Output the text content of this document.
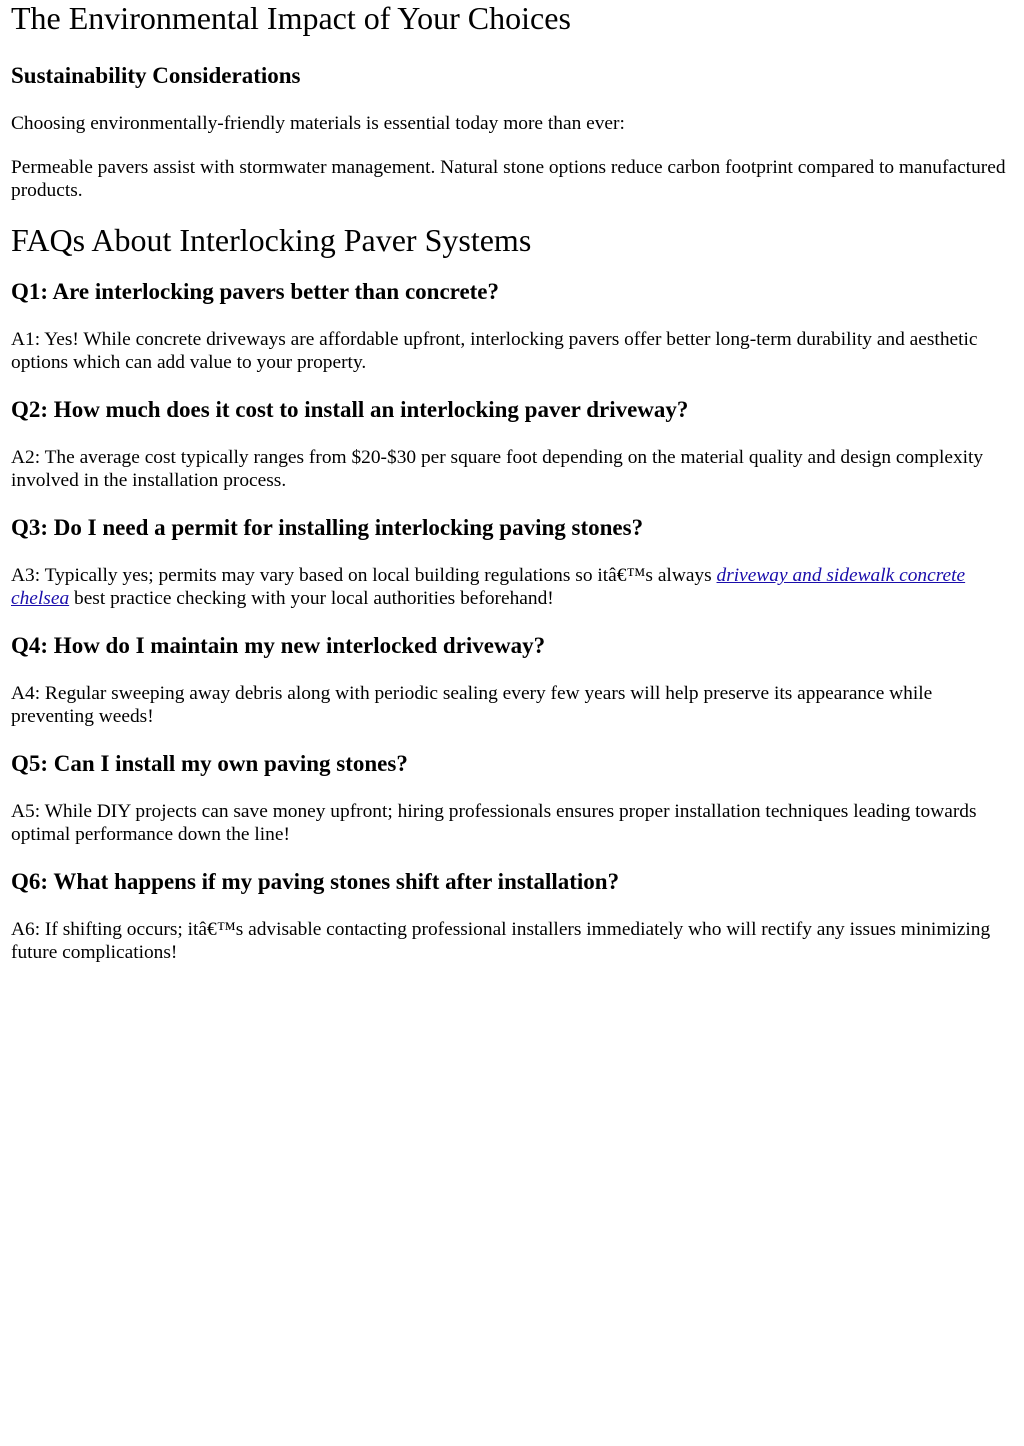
The Environmental Impact of Your Choices
Sustainability Considerations

Choosing environmentally-friendly materials is essential today more than ever:

Permeable pavers assist with stormwater management. Natural stone options reduce carbon footprint compared to manufactured products.

FAQs About Interlocking Paver Systems
Q1: Are interlocking pavers better than concrete?

A1: Yes! While concrete driveways are affordable upfront, interlocking pavers offer better long-term durability and aesthetic options which can add value to your property.

Q2: How much does it cost to install an interlocking paver driveway?

A2: The average cost typically ranges from $20-$30 per square foot depending on the material quality and design complexity involved in the installation process.

Q3: Do I need a permit for installing interlocking paving stones?

A3: Typically yes; permits may vary based on local building regulations so itâ€™s always driveway and sidewalk concrete chelsea best practice checking with your local authorities beforehand!

Q4: How do I maintain my new interlocked driveway?

A4: Regular sweeping away debris along with periodic sealing every few years will help preserve its appearance while preventing weeds!

Q5: Can I install my own paving stones?

A5: While DIY projects can save money upfront; hiring professionals ensures proper installation techniques leading towards optimal performance down the line!

Q6: What happens if my paving stones shift after installation?

A6: If shifting occurs; itâ€™s advisable contacting professional installers immediately who will rectify any issues minimizing future complications!
